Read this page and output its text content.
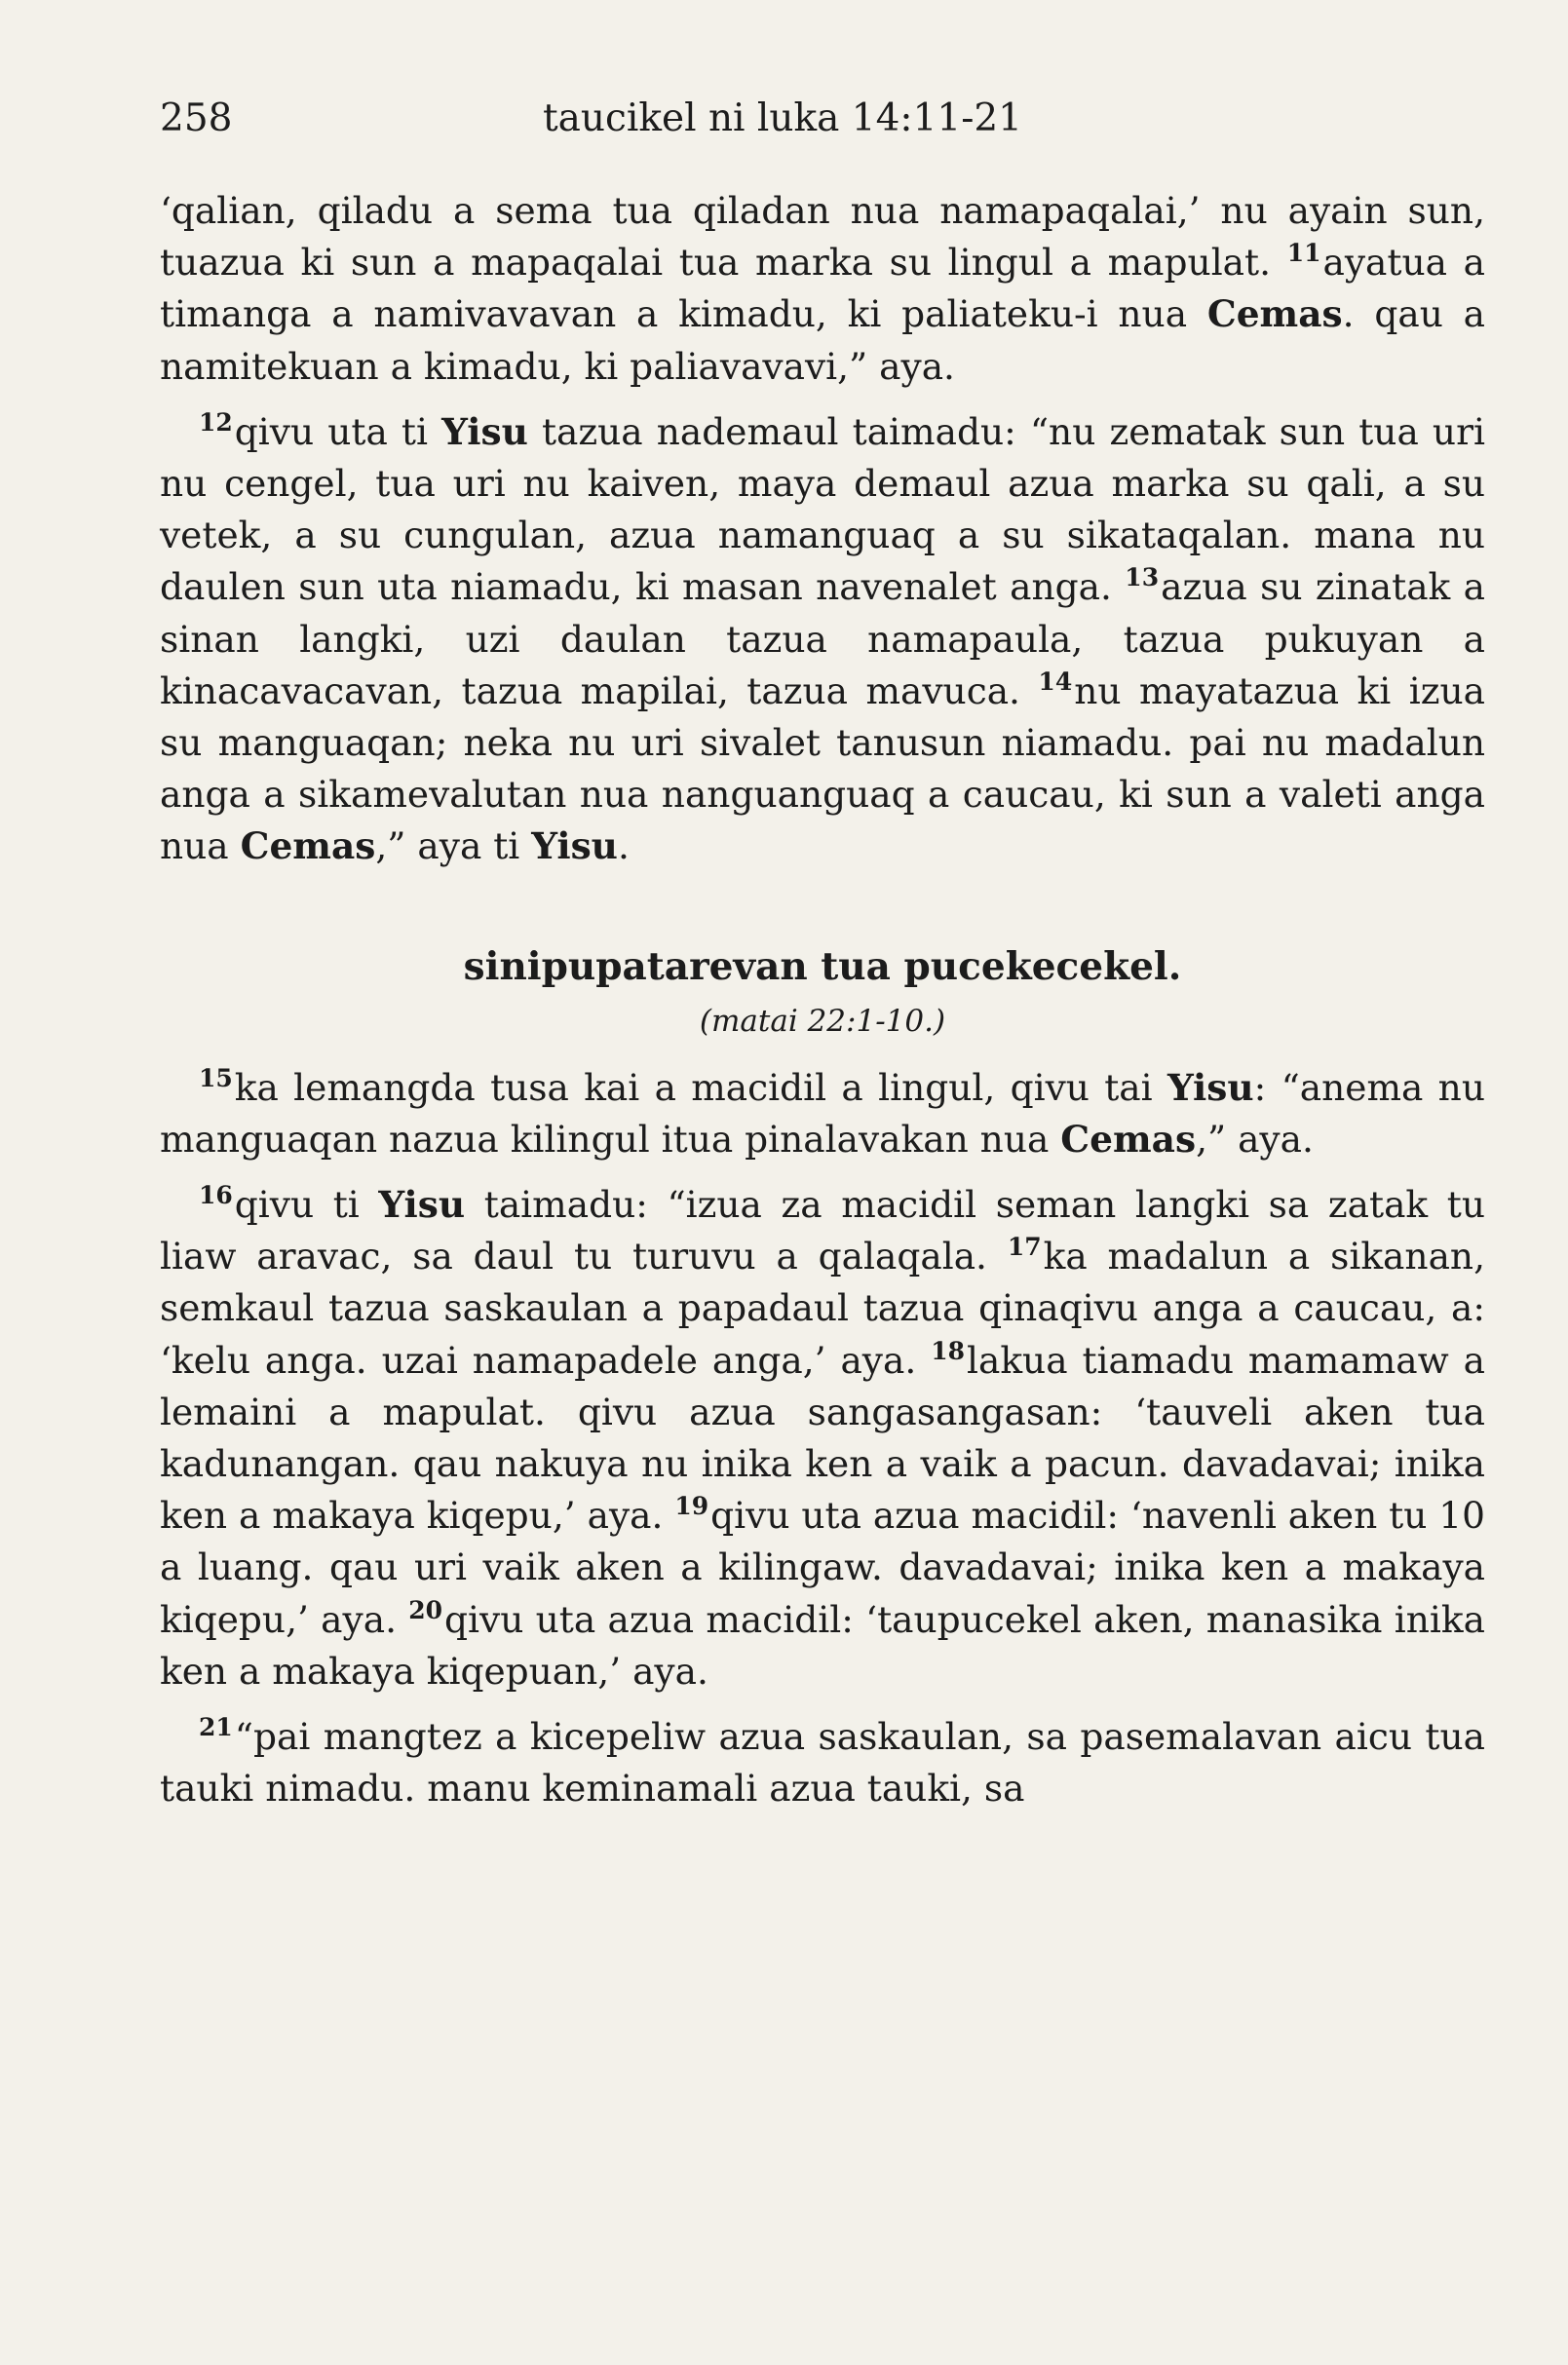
258	taucikel ni luka 14:11-21

‘qalian, qiladu a sema tua qiladan nua namapaqalai,’ nu ayain sun, tuazua ki sun a mapaqalai tua marka su lingul a mapulat. $^{11}$ayatua a timanga a namivavavan a kimadu, ki paliateku-i nua Cemas. qau a namitekuan a kimadu, ki paliavavavi,” aya.

$^{12}$qivu uta ti Yisu tazua nademaul taimadu: “nu zematak sun tua uri nu cengel, tua uri nu kaiven, maya demaul azua marka su qali, a su vetek, a su cungulan, azua namanguaq a su sikataqalan. mana nu daulen sun uta niamadu, ki masan navenalet anga. $^{13}$azua su zinatak a sinan langki, uzi daulan tazua namapaula, tazua pukuyan a kinacavacavan, tazua mapilai, tazua mavuca. $^{14}$nu mayatazua ki izua su manguaqan; neka nu uri sivalet tanusun niamadu. pai nu madalun anga a sikamevalutan nua nanguanguaq a caucau, ki sun a valeti anga nua Cemas,” aya ti Yisu.

sinipupatarevan tua pucekecekel.
(matai 22:1-10.)

$^{15}$ka lemangda tusa kai a macidil a lingul, qivu tai Yisu: “anema nu manguaqan nazua kilingul itua pinalavakan nua Cemas,” aya.

$^{16}$qivu ti Yisu taimadu: “izua za macidil seman langki sa zatak tu liaw aravac, sa daul tu turuvu a qalaqala. $^{17}$ka madalun a sikanan, semkaul tazua saskaulan a papadaul tazua qinaqivu anga a caucau, a: ‘kelu anga. uzai namapadele anga,’ aya. $^{18}$lakua tiamadu mamamaw a lemaini a mapulat. qivu azua sangasangasan: ‘tauveli aken tua kadunangan. qau nakuya nu inika ken a vaik a pacun. davadavai; inika ken a makaya kiqepu,’ aya. $^{19}$qivu uta azua macidil: ‘navenli aken tu 10 a luang. qau uri vaik aken a kilingaw. davadavai; inika ken a makaya kiqepu,’ aya. $^{20}$qivu uta azua macidil: ‘taupucekel aken, manasika inika ken a makaya kiqepuan,’ aya.

$^{21}$“pai mangtez a kicepeliw azua saskaulan, sa pasemalavan aicu tua tauki nimadu. manu keminamali azua tauki, sa
